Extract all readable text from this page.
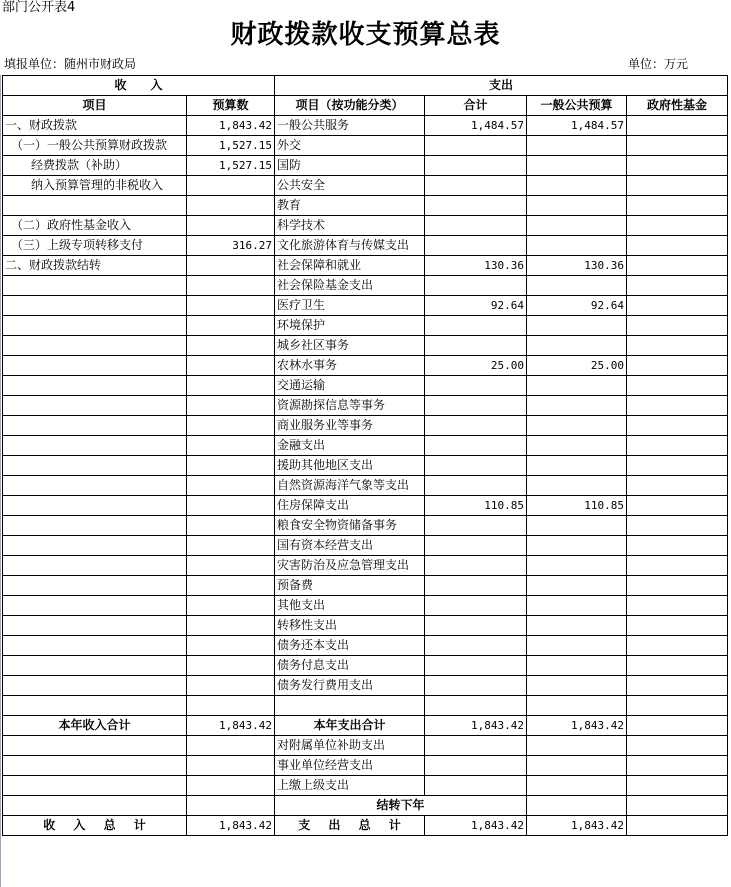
部门公开表4
财政拨款收支预算总表
填报单位：随州市财政局	单位：万元
收　　入		支出			
项目	预算数	项目（按功能分类）	合计	一般公共预算	政府性基金
一、财政拨款	1,843.42	一般公共服务	1,484.57	1,484.57	
（一）一般公共预算财政拨款	1,527.15	外交			
经费拨款（补助）	1,527.15	国防			
纳入预算管理的非税收入		公共安全			
		教育			
（二）政府性基金收入		科学技术			
（三）上级专项转移支付	316.27	文化旅游体育与传媒支出			
二、财政拨款结转		社会保障和就业	130.36	130.36	
		社会保险基金支出			
		医疗卫生	92.64	92.64	
		环境保护			
		城乡社区事务			
		农林水事务	25.00	25.00	
		交通运输			
		资源勘探信息等事务			
		商业服务业等事务			
		金融支出			
		援助其他地区支出			
		自然资源海洋气象等支出			
		住房保障支出	110.85	110.85	
		粮食安全物资储备事务			
		国有资本经营支出			
		灾害防治及应急管理支出			
		预备费			
		其他支出			
		转移性支出			
		债务还本支出			
		债务付息支出			
		债务发行费用支出			

本年收入合计	1,843.42	本年支出合计	1,843.42	1,843.42	
		对附属单位补助支出			
		事业单位经营支出			
		上缴上级支出			
		结转下年			
收 入 总 计	1,843.42	支 出 总 计	1,843.42	1,843.42	
